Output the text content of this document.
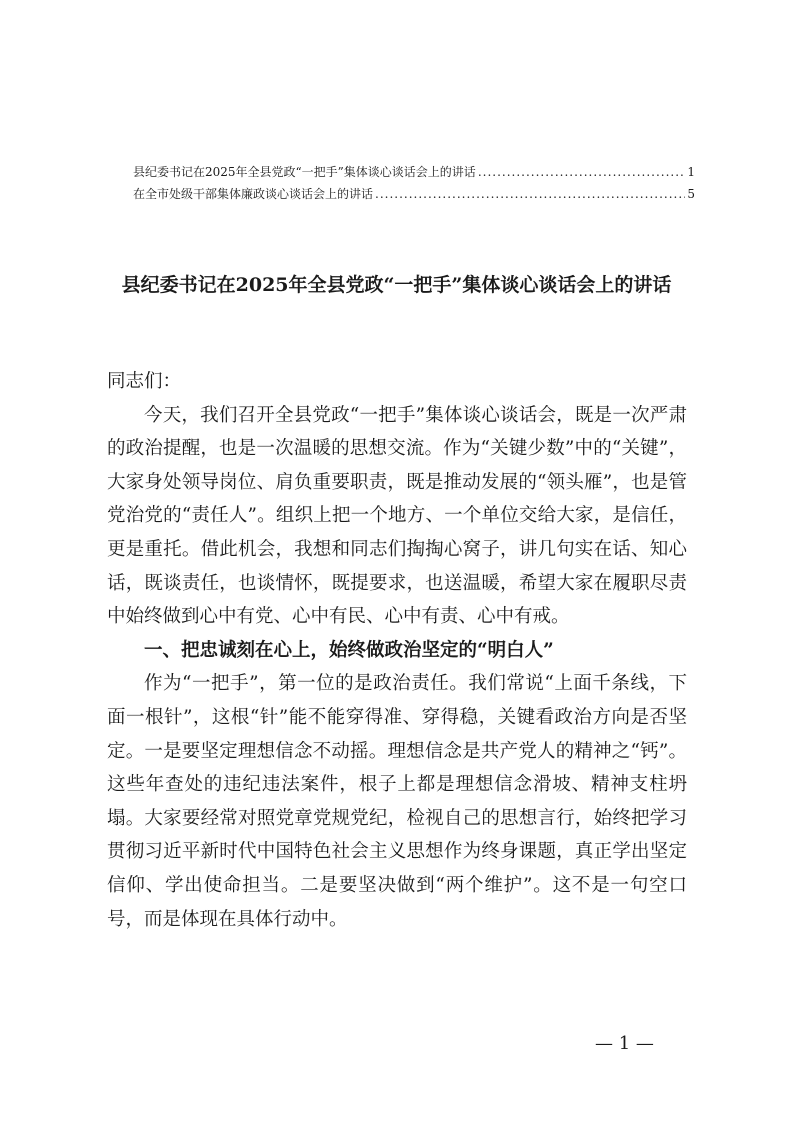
县纪委书记在2025年全县党政“一把手”集体谈心谈话会上的讲话 .....	1
在全市处级干部集体廉政谈心谈话会上的讲话 .....	5
县纪委书记在2025年全县党政“一把手”集体谈心谈话会上的讲话

同志们：

今天，我们召开全县党政“一把手”集体谈心谈话会，既是一次严肃的政治提醒，也是一次温暖的思想交流。作为“关键少数”中的“关键”，大家身处领导岗位、肩负重要职责，既是推动发展的“领头雁”，也是管党治党的“责任人”。组织上把一个地方、一个单位交给大家，是信任，更是重托。借此机会，我想和同志们掏掏心窝子，讲几句实在话、知心话，既谈责任，也谈情怀，既提要求，也送温暖，希望大家在履职尽责中始终做到心中有党、心中有民、心中有责、心中有戒。

一、把忠诚刻在心上，始终做政治坚定的“明白人”

作为“一把手”，第一位的是政治责任。我们常说“上面千条线，下面一根针”，这根“针”能不能穿得准、穿得稳，关键看政治方向是否坚定。一是要坚定理想信念不动摇。理想信念是共产党人的精神之“钙”。这些年查处的违纪违法案件，根子上都是理想信念滑坡、精神支柱坍塌。大家要经常对照党章党规党纪，检视自己的思想言行，始终把学习贯彻习近平新时代中国特色社会主义思想作为终身课题，真正学出坚定信仰、学出使命担当。二是要坚决做到“两个维护”。这不是一句空口号，而是体现在具体行动中。

— 1 —
